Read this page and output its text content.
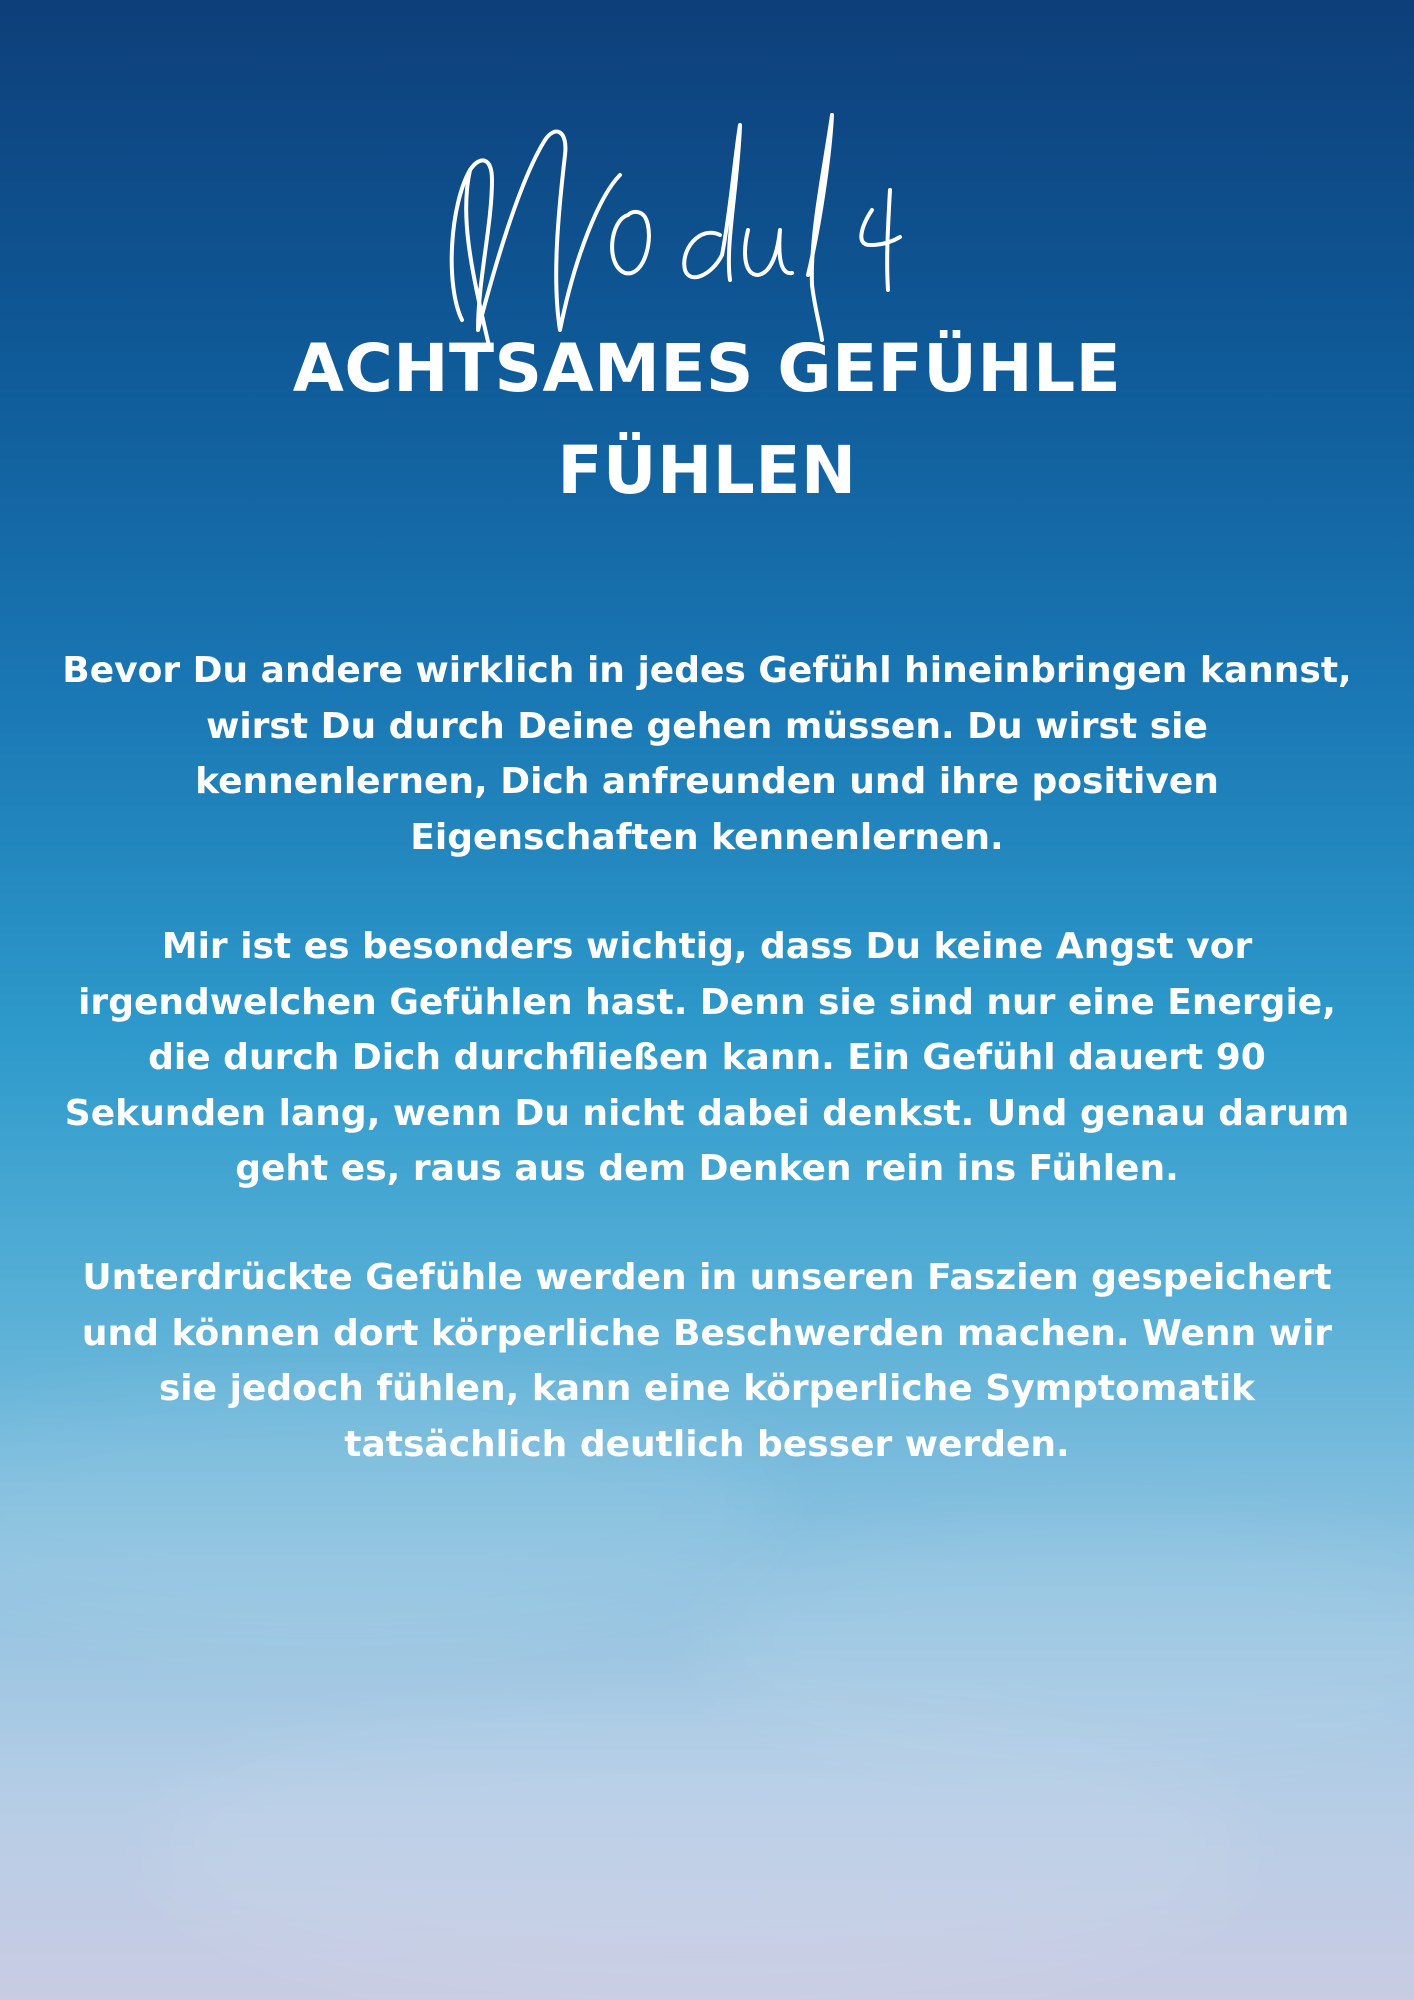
ACHTSAMES GEFÜHLE
FÜHLEN

Bevor Du andere wirklich in jedes Gefühl hineinbringen kannst, wirst Du durch Deine gehen müssen. Du wirst sie kennenlernen, Dich anfreunden und ihre positiven Eigenschaften kennenlernen.

Mir ist es besonders wichtig, dass Du keine Angst vor irgendwelchen Gefühlen hast. Denn sie sind nur eine Energie, die durch Dich durchfließen kann. Ein Gefühl dauert 90 Sekunden lang, wenn Du nicht dabei denkst. Und genau darum geht es, raus aus dem Denken rein ins Fühlen.

Unterdrückte Gefühle werden in unseren Faszien gespeichert und können dort körperliche Beschwerden machen. Wenn wir sie jedoch fühlen, kann eine körperliche Symptomatik tatsächlich deutlich besser werden.
